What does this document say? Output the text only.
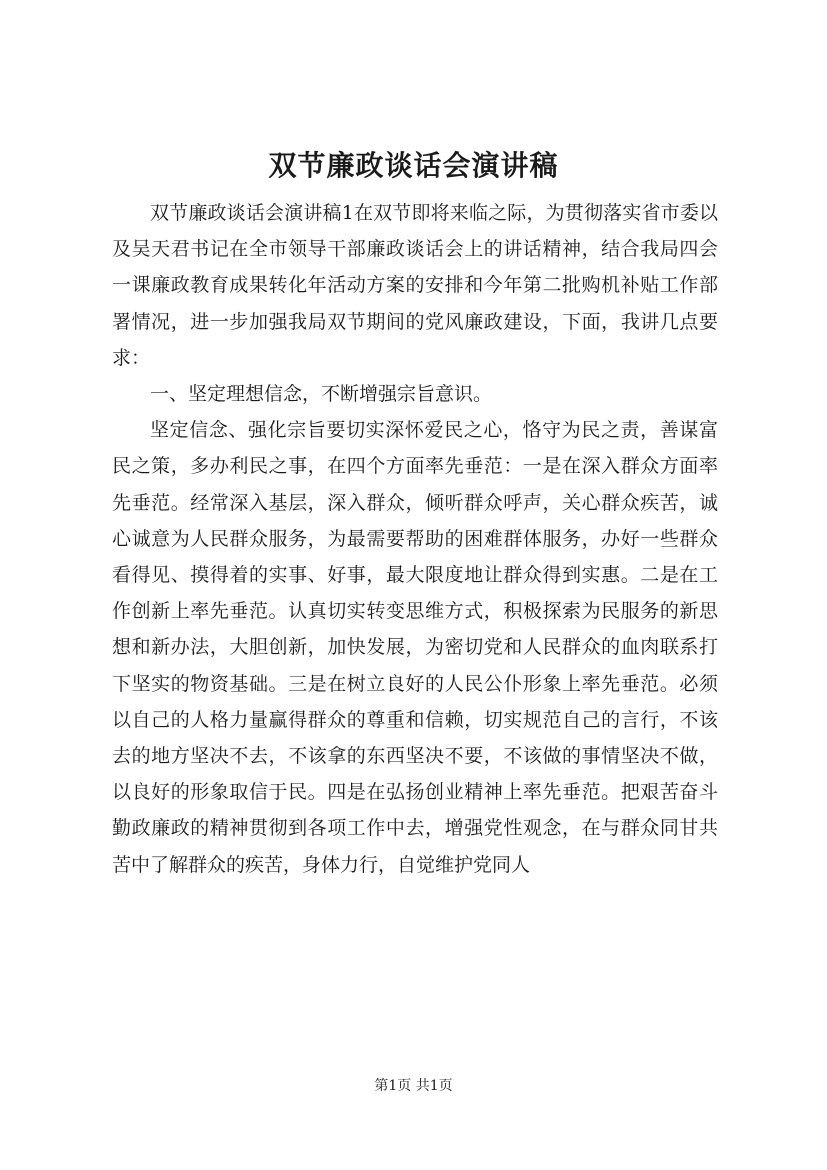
双节廉政谈话会演讲稿

双节廉政谈话会演讲稿1在双节即将来临之际，为贯彻落实省市委以及吴天君书记在全市领导干部廉政谈话会上的讲话精神，结合我局四会一课廉政教育成果转化年活动方案的安排和今年第二批购机补贴工作部署情况，进一步加强我局双节期间的党风廉政建设，下面，我讲几点要求：

一、坚定理想信念，不断增强宗旨意识。

坚定信念、强化宗旨要切实深怀爱民之心，恪守为民之责，善谋富民之策，多办利民之事，在四个方面率先垂范：一是在深入群众方面率先垂范。经常深入基层，深入群众，倾听群众呼声，关心群众疾苦，诚心诚意为人民群众服务，为最需要帮助的困难群体服务，办好一些群众看得见、摸得着的实事、好事，最大限度地让群众得到实惠。二是在工作创新上率先垂范。认真切实转变思维方式，积极探索为民服务的新思想和新办法，大胆创新，加快发展，为密切党和人民群众的血肉联系打下坚实的物资基础。三是在树立良好的人民公仆形象上率先垂范。必须以自己的人格力量赢得群众的尊重和信赖，切实规范自己的言行，不该去的地方坚决不去，不该拿的东西坚决不要，不该做的事情坚决不做，以良好的形象取信于民。四是在弘扬创业精神上率先垂范。把艰苦奋斗勤政廉政的精神贯彻到各项工作中去，增强党性观念，在与群众同甘共苦中了解群众的疾苦，身体力行，自觉维护党同人

第1页 共1页
